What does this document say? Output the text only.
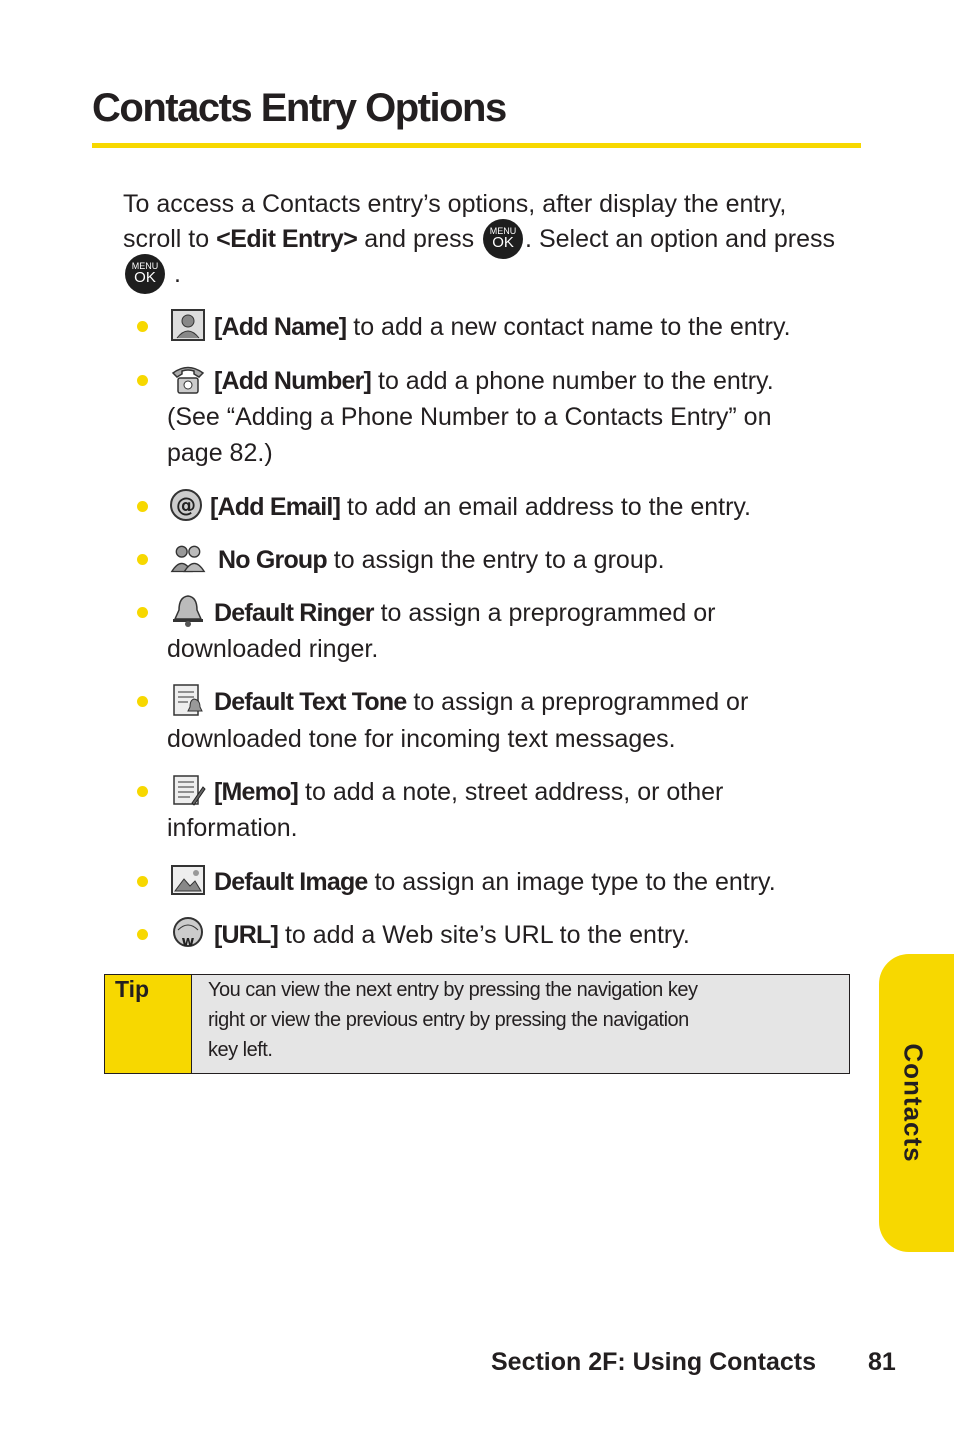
Contacts Entry Options

To access a Contacts entry’s options, after display the entry, scroll to <Edit Entry> and press MENU
OK . Select an option and press
MENU
OK .

[Add Name] to add a new contact name to the entry.
[Add Number] to add a phone number to the entry.
(See “Adding a Phone Number to a Contacts Entry” on
page 82.)
@ [Add Email] to add an email address to the entry.
No Group to assign the entry to a group.
Default Ringer to assign a preprogrammed or
downloaded ringer.
Default Text Tone to assign a preprogrammed or
downloaded tone for incoming text messages.
[Memo] to add a note, street address, or other
information.
Default Image to assign an image type to the entry.
w [URL] to add a Web site’s URL to the entry.
Tip	You can view the next entry by pressing the navigation key
right or view the previous entry by pressing the navigation
key left.	Contacts
Section 2F: Using Contacts 81
